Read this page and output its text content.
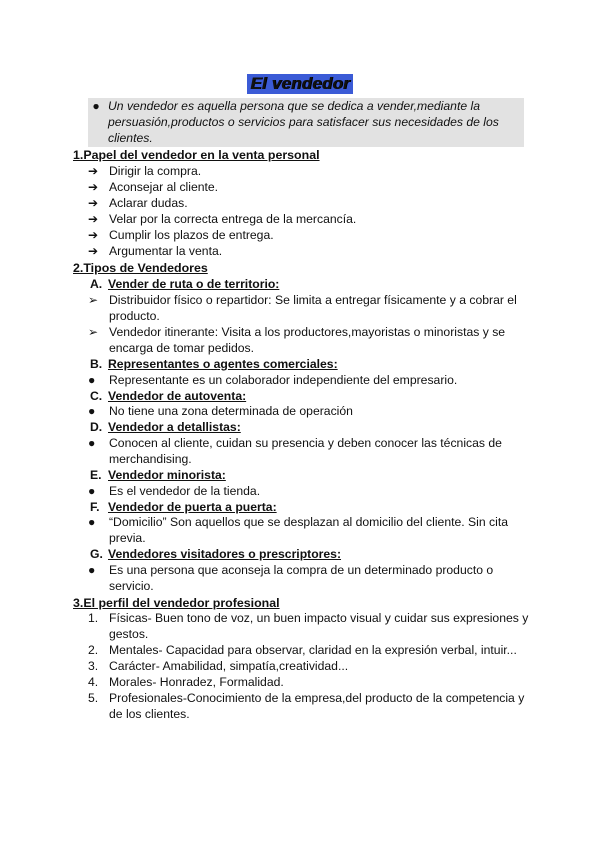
El vendedor
● Un vendedor es aquella persona que se dedica a vender,mediante la persuasión,productos o servicios para satisfacer sus necesidades de los clientes.
1.Papel del vendedor en la venta personal
➔ Dirigir la compra.
➔ Aconsejar al cliente.
➔ Aclarar dudas.
➔ Velar por la correcta entrega de la mercancía.
➔ Cumplir los plazos de entrega.
➔ Argumentar la venta.
2.Tipos de Vendedores
A. Vender de ruta o de territorio:
➢ Distribuidor físico o repartidor: Se limita a entregar físicamente y a cobrar el producto.
➢ Vendedor itinerante: Visita a los productores,mayoristas o minoristas y se encarga de tomar pedidos.
B. Representantes o agentes comerciales:
●	Representante es un colaborador independiente del empresario.
C. Vendedor de autoventa:
●	No tiene una zona determinada de operación
D. Vendedor a detallistas:
●	Conocen al cliente, cuidan su presencia y deben conocer las técnicas de merchandising.
E. Vendedor minorista:
●	Es el vendedor de la tienda.
F. Vendedor de puerta a puerta:
●	“Domicilio” Son aquellos que se desplazan al domicilio del cliente. Sin cita previa.
G. Vendedores visitadores o prescriptores:
●	Es una persona que aconseja la compra de un determinado producto o servicio.
3.El perfil del vendedor profesional
1. Físicas- Buen tono de voz, un buen impacto visual y cuidar sus expresiones y gestos.
2. Mentales- Capacidad para observar, claridad en la expresión verbal, intuir...
3. Carácter- Amabilidad, simpatía,creatividad...
4. Morales- Honradez, Formalidad.
5. Profesionales-Conocimiento de la empresa,del producto de la competencia y de los clientes.
